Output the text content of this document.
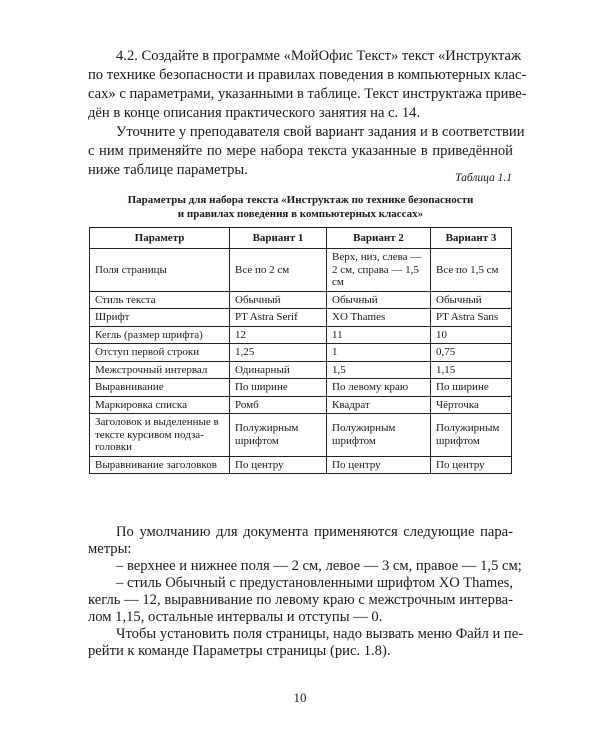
4.2. Создайте в программе «МойОфис Текст» текст «Инструктаж
по технике безопасности и правилах поведения в компьютерных клас-
сах» с параметрами, указанными в таблице. Текст инструктажа приве-
дён в конце описания практического занятия на с. 14.
Уточните у преподавателя свой вариант задания и в соответствии
с ним применяйте по мере набора текста указанные в приведённой
ниже таблице параметры.	Таблица 1.1
Параметры для набора текста «Инструктаж по технике безопасности
и правилах поведения в компьютерных классах»
Параметр	Вариант 1	Вариант 2	Вариант 3
Поля страницы	Все по 2 см	Верх, низ, слева — 2 см, справа — 1,5 см	Все по 1,5 см
Стиль текста	Обычный	Обычный	Обычный
Шрифт	PT Astra Serif	XO Thames	PT Astra Sans
Кегль (размер шрифта)	12	11	10
Отступ первой строки	1,25	1	0,75
Межстрочный интервал	Одинарный	1,5	1,15
Выравнивание	По ширине	По левому краю	По ширине
Маркировка списка	Ромб	Квадрат	Чёрточка
Заголовок и выделенные в тексте курсивом подза-головки	Полужирным шрифтом	Полужирным шрифтом	Полужирным шрифтом
Выравнивание заголовков	По центру	По центру	По центру
По умолчанию для документа применяются следующие пара-
метры:
– верхнее и нижнее поля — 2 см, левое — 3 см, правое — 1,5 см;
– стиль Обычный с предустановленными шрифтом XO Thames,
кегль — 12, выравнивание по левому краю с межстрочным интерва-
лом 1,15, остальные интервалы и отступы — 0.
Чтобы установить поля страницы, надо вызвать меню Файл и пе-
рейти к команде Параметры страницы (рис. 1.8).
10
